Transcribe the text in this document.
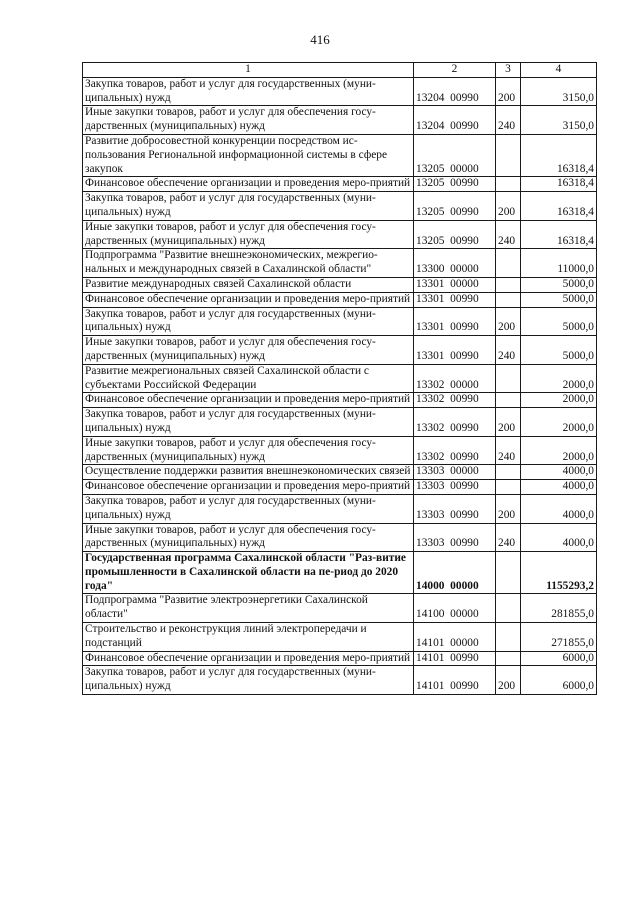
416
1	2	3	4
Закупка товаров, работ и услуг для государственных (муни-ципальных) нужд	13204  00990	200	3150,0
Иные закупки товаров, работ и услуг для обеспечения госу-дарственных (муниципальных) нужд	13204  00990	240	3150,0
Развитие добросовестной конкуренции посредством ис-пользования Региональной информационной системы в сфере закупок	13205  00000		16318,4
Финансовое обеспечение организации и проведения меро-приятий	13205  00990		16318,4
Закупка товаров, работ и услуг для государственных (муни-ципальных) нужд	13205  00990	200	16318,4
Иные закупки товаров, работ и услуг для обеспечения госу-дарственных (муниципальных) нужд	13205  00990	240	16318,4
Подпрограмма "Развитие внешнеэкономических, межрегио-нальных и международных связей в Сахалинской области"	13300  00000		11000,0
Развитие международных связей Сахалинской области	13301  00000		5000,0
Финансовое обеспечение организации и проведения меро-приятий	13301  00990		5000,0
Закупка товаров, работ и услуг для государственных (муни-ципальных) нужд	13301  00990	200	5000,0
Иные закупки товаров, работ и услуг для обеспечения госу-дарственных (муниципальных) нужд	13301  00990	240	5000,0
Развитие межрегиональных связей Сахалинской области с субъектами Российской Федерации	13302  00000		2000,0
Финансовое обеспечение организации и проведения меро-приятий	13302  00990		2000,0
Закупка товаров, работ и услуг для государственных (муни-ципальных) нужд	13302  00990	200	2000,0
Иные закупки товаров, работ и услуг для обеспечения госу-дарственных (муниципальных) нужд	13302  00990	240	2000,0
Осуществление поддержки развития внешнеэкономических связей	13303  00000		4000,0
Финансовое обеспечение организации и проведения меро-приятий	13303  00990		4000,0
Закупка товаров, работ и услуг для государственных (муни-ципальных) нужд	13303  00990	200	4000,0
Иные закупки товаров, работ и услуг для обеспечения госу-дарственных (муниципальных) нужд	13303  00990	240	4000,0
Государственная программа Сахалинской области "Раз-витие промышленности в Сахалинской области на пе-риод до 2020 года"	14000  00000		1155293,2
Подпрограмма "Развитие электроэнергетики Сахалинской области"	14100  00000		281855,0
Строительство и реконструкция линий электропередачи и подстанций	14101  00000		271855,0
Финансовое обеспечение организации и проведения меро-приятий	14101  00990		6000,0
Закупка товаров, работ и услуг для государственных (муни-ципальных) нужд	14101  00990	200	6000,0
